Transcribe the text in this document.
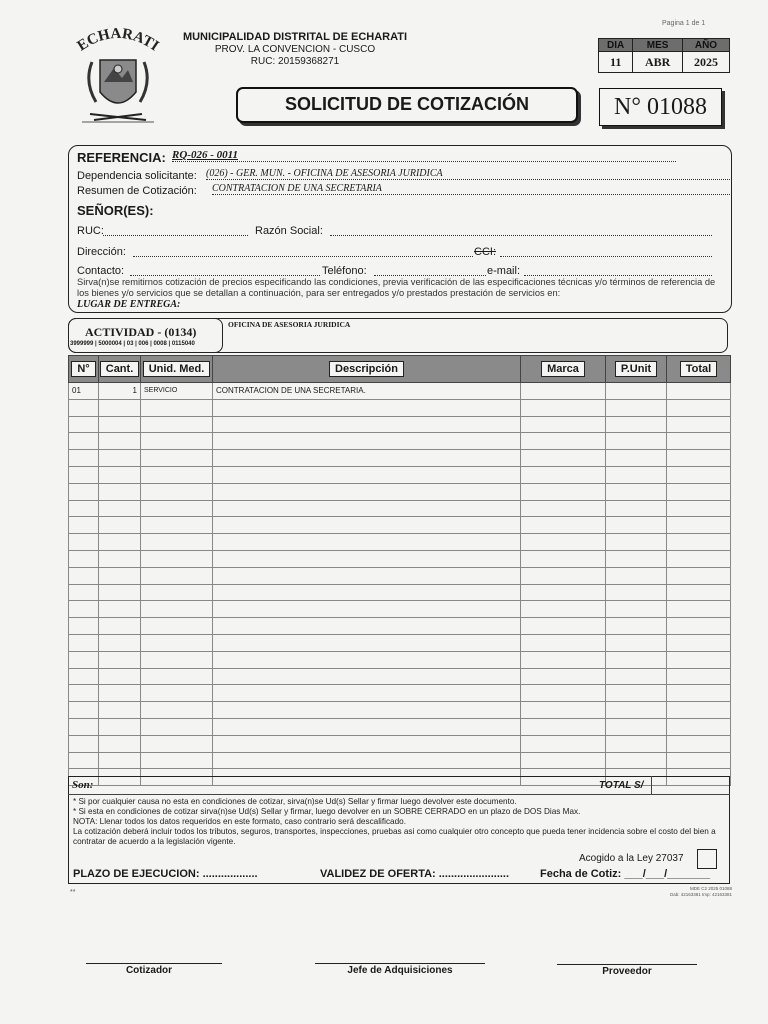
Pagina 1 de 1
ECHARATI
MUNICIPALIDAD DISTRITAL DE ECHARATI
PROV. LA CONVENCION - CUSCO
RUC: 20159368271
DIA	MES	AÑO
11	ABR	2025
SOLICITUD DE COTIZACIÓN	N° 01088
REFERENCIA: RQ-026 - 0011
Dependencia solicitante: (026) - GER. MUN. - OFICINA DE ASESORIA JURIDICA
Resumen de Cotización: CONTRATACION DE UNA SECRETARIA
SEÑOR(ES):
RUC:	Razón Social:
Dirección:	CCI:
Contacto:	Teléfono:	e-mail:
Sirva(n)se remitirnos cotización de precios especificando las condiciones, previa verificación de las especificaciones técnicas y/o términos de referencia de los bienes y/o servicios que se detallan a continuación, para ser entregados y/o prestados prestación de servicios en:
LUGAR DE ENTREGA:
ACTIVIDAD - (0134)
3999999 | 5000004 | 03 | 006 | 0008 | 0115040
OFICINA DE ASESORIA JURIDICA
N°	Cant.	Unid. Med.	Descripción	Marca	P.Unit	Total
01	1	SERVICIO	CONTRATACION DE UNA SECRETARIA.			

Son:	TOTAL S/
* Si por cualquier causa no esta en condiciones de cotizar, sirva(n)se Ud(s) Sellar y firmar luego devolver este documento.
* Si esta en condiciones de cotizar sirva(n)se Ud(s) Sellar y firmar, luego devolver en un SOBRE CERRADO en un plazo de DOS Dias Max.
NOTA: Llenar todos los datos requeridos en este formato, caso contrario será descalificado.
La cotización deberá incluir todos los tributos, seguros, transportes, inspecciones, pruebas asi como cualquier otro concepto que pueda tener incidencia sobre el costo del bien a contratar de acuerdo a la legislación vigente.
Acogido a la Ley 27037
PLAZO DE EJECUCION: ..................	VALIDEZ DE OFERTA: .......................	Fecha de Cotiz: ___/___/_______
MDE C2 2025 01088
Dab: 42163381 Imp: 42163381
**
Cotizador	Jefe de Adquisiciones	Proveedor
